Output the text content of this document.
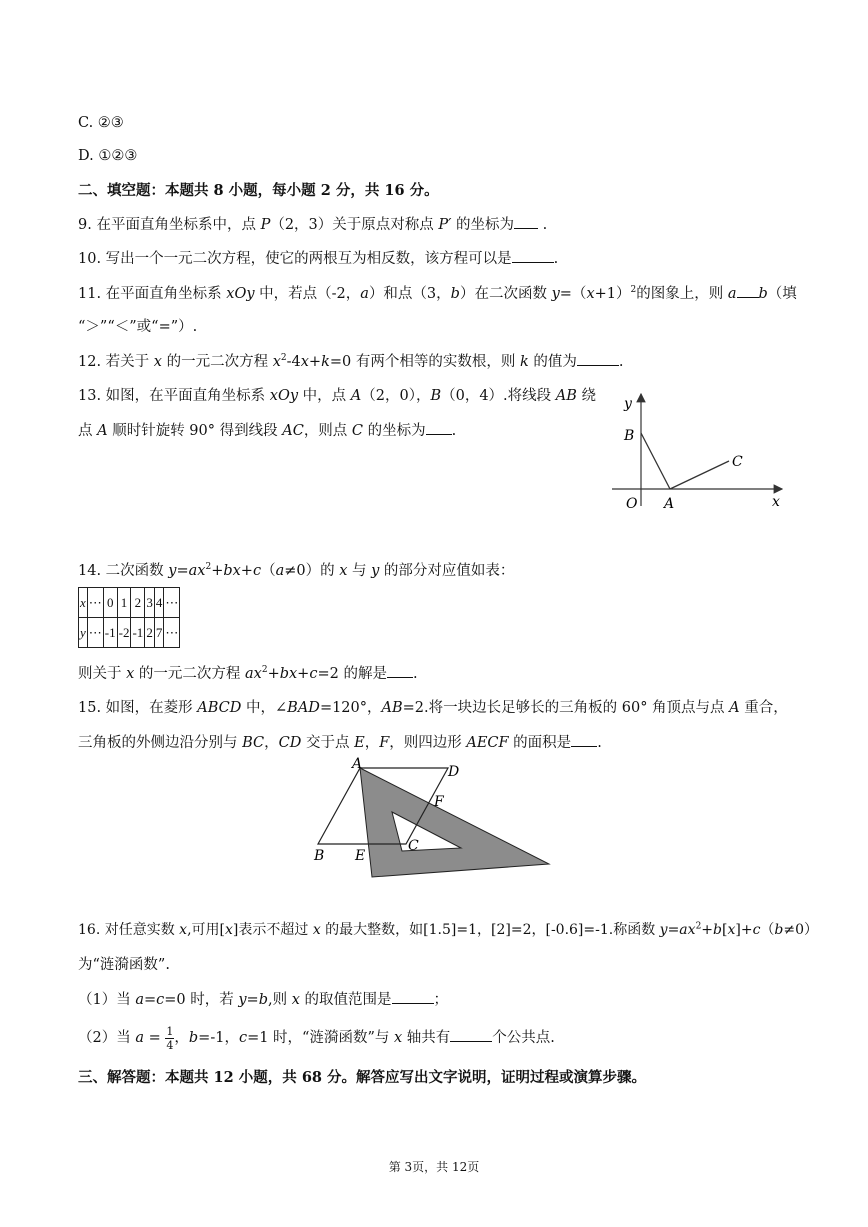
C. ②③
D. ①②③
二、填空题：本题共 8 小题，每小题 2 分，共 16 分。
9. 在平面直角坐标系中，点 P（2，3）关于原点对称点 P′ 的坐标为 .
10. 写出一个一元二次方程，使它的两根互为相反数，该方程可以是	.
11. 在平面直角坐标系 xOy 中，若点（-2，a）和点（3，b）在二次函数 $y=(x+1)^2$的图象上，则 a b（填
“＞”“＜”或“=”）.
12. 若关于 x 的一元二次方程 $x^2-4x+k=0$ 有两个相等的实数根，则 k 的值为	.
13. 如图，在平面直角坐标系 xOy 中，点 A（2，0），B（0，4）.将线段 AB 绕
点 A 顺时针旋转 90° 得到线段 AC，则点 C 的坐标为 .
y
B
C
O A	x
14. 二次函数 $y=ax^2+bx+c(a\ne 0)$的 x 与 y 的部分对应值如表：
x	⋯	0	1	2	3	4	⋯
y	⋯	-1	-2	-1	2	7	⋯
则关于 x 的一元二次方程 $ax^2+bx+c=2$ 的解是 .
15. 如图，在菱形 ABCD 中，∠BAD=120°，AB=2.将一块边长足够长的三角板的 60° 角顶点与点 A 重合，
三角板的外侧边沿分别与 BC，CD 交于点 E，F，则四边形 AECF 的面积是 .
A	D
F
C
B E
16. 对任意实数 x,可用[x]表示不超过 x 的最大整数，如[1.5]=1，[2]=2，[-0.6]=-1.称函数 $y=ax^2+b[x]+c(b\ne 0)$
为“涟漪函数”.
（1）当 a=c=0 时，若 y=b,则 x 的取值范围是	；
（2）当 $a = \frac{1}{4}$ ，b=-1，c=1 时，“涟漪函数”与 x 轴共有	个公共点.
三、解答题：本题共 12 小题，共 68 分。解答应写出文字说明，证明过程或演算步骤。
第 3页，共 12页
